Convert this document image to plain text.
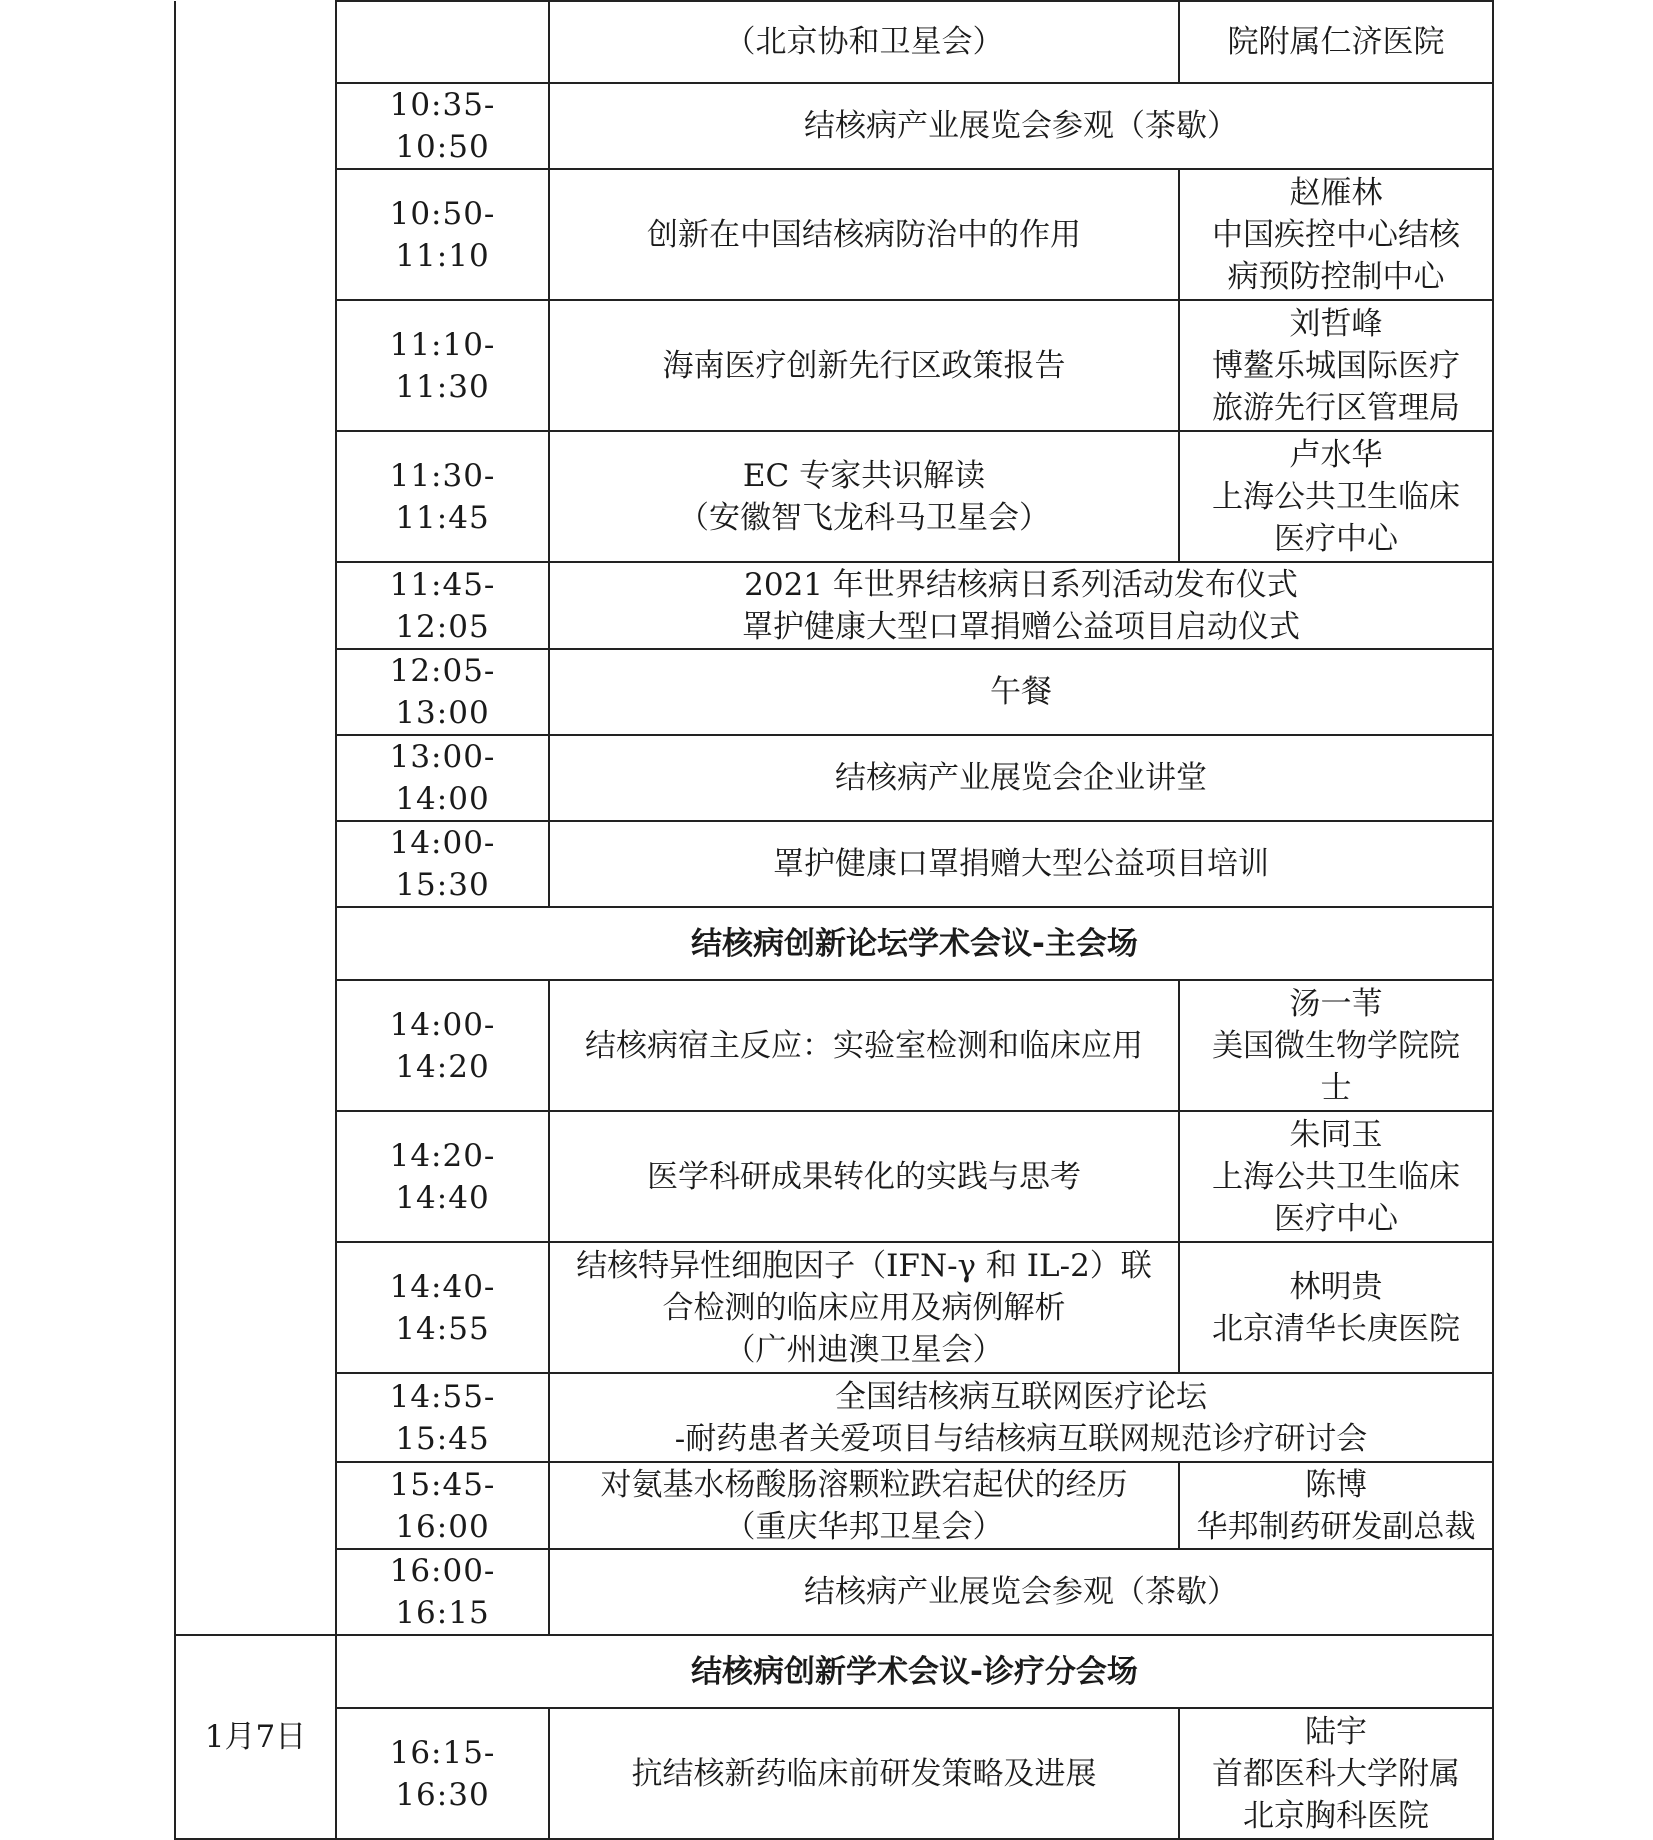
		（北京协和卫星会）	院附属仁济医院

	10:35-10:50	结核病产业展览会参观（茶歇）	

	10:50-11:10	创新在中国结核病防治中的作用	赵雁林
中国疾控中心结核
病预防控制中心

	11:10-11:30	海南医疗创新先行区政策报告	刘哲峰
博鳌乐城国际医疗
旅游先行区管理局

	11:30-11:45	EC 专家共识解读
（安徽智飞龙科马卫星会）	卢水华
上海公共卫生临床
医疗中心

	11:45-12:05	2021 年世界结核病日系列活动发布仪式
罩护健康大型口罩捐赠公益项目启动仪式	

	12:05-13:00	午餐	

	13:00-14:00	结核病产业展览会企业讲堂	

	14:00-15:30	罩护健康口罩捐赠大型公益项目培训	

	结核病创新论坛学术会议-主会场		
	14:00-14:20	结核病宿主反应：实验室检测和临床应用	汤一苇
美国微生物学院院
士

	14:20-14:40	医学科研成果转化的实践与思考	朱同玉
上海公共卫生临床
医疗中心

	14:40-14:55	结核特异性细胞因子（IFN-γ 和 IL-2）联
合检测的临床应用及病例解析
（广州迪澳卫星会）	林明贵
北京清华长庚医院

	14:55-15:45	全国结核病互联网医疗论坛
-耐药患者关爱项目与结核病互联网规范诊疗研讨会	

	15:45-16:00	对氨基水杨酸肠溶颗粒跌宕起伏的经历
（重庆华邦卫星会）	陈博
华邦制药研发副总裁

	16:00-16:15	结核病产业展览会参观（茶歇）	

1月7日	结核病创新学术会议-诊疗分会场		
	16:15-16:30	抗结核新药临床前研发策略及进展	陆宇
首都医科大学附属
北京胸科医院
